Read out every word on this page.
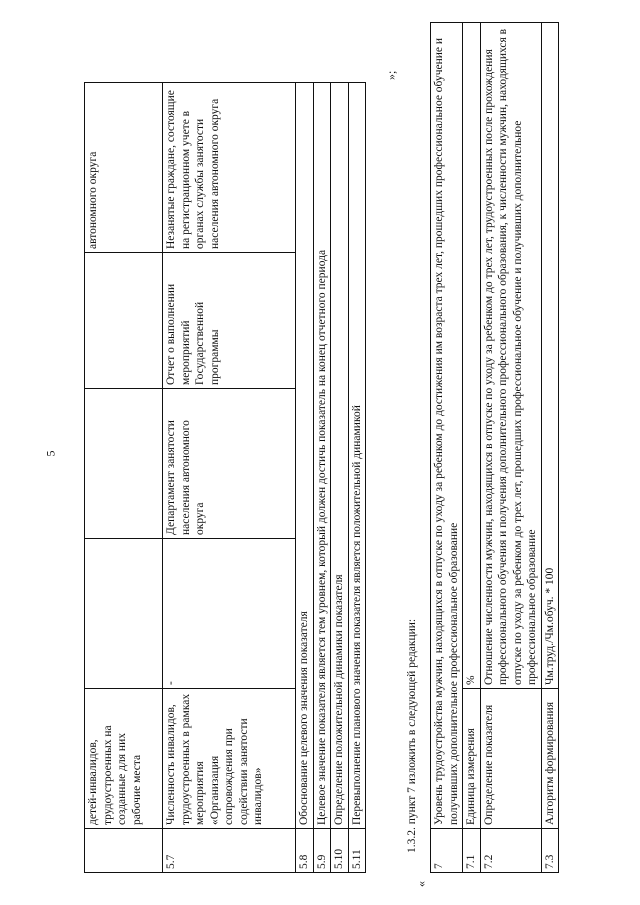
5
	детей-инвалидов, трудоустроенных на созданные для них рабочие места				автономного округа
5.7	Численность инвалидов, трудоустроенных в рамках мероприятия «Организация сопровождения при содействии занятости инвалидов»	-	Департамент занятости населения автономного округа	Отчет о выполнении мероприятий Государственной программы	Незанятые граждане, состоящие на регистрационном учете в органах службы занятости населения автономного округа
5.8	Обоснование целевого значения показателя				
5.9	Целевое значение показателя является тем уровнем, который должен достичь показатель на конец отчетного периода				
5.10	Определение положительной динамики показателя				
5.11	Перевыполнение планового значения показателя является положительной динамикой				
»;
1.3.2. пункт 7 изложить в следующей редакции:
«
7	Уровень трудоустройства мужчин, находящихся в отпуске по уходу за ребенком до достижения им возраста трех лет, прошедших профессиональное обучение и получивших дополнительное профессиональное образование	
7.1	Единица измерения	%
7.2	Определение показателя	Отношение численности мужчин, находящихся в отпуске по уходу за ребенком до трех лет, трудоустроенных после прохождения профессионального обучения и получения дополнительного профессионального образования, к численности мужчин, находящихся в отпуске по уходу за ребенком до трех лет, прошедших профессиональное обучение и получивших дополнительное профессиональное образование
7.3	Алгоритм формирования	Чм.труд./Чм.обуч. * 100
